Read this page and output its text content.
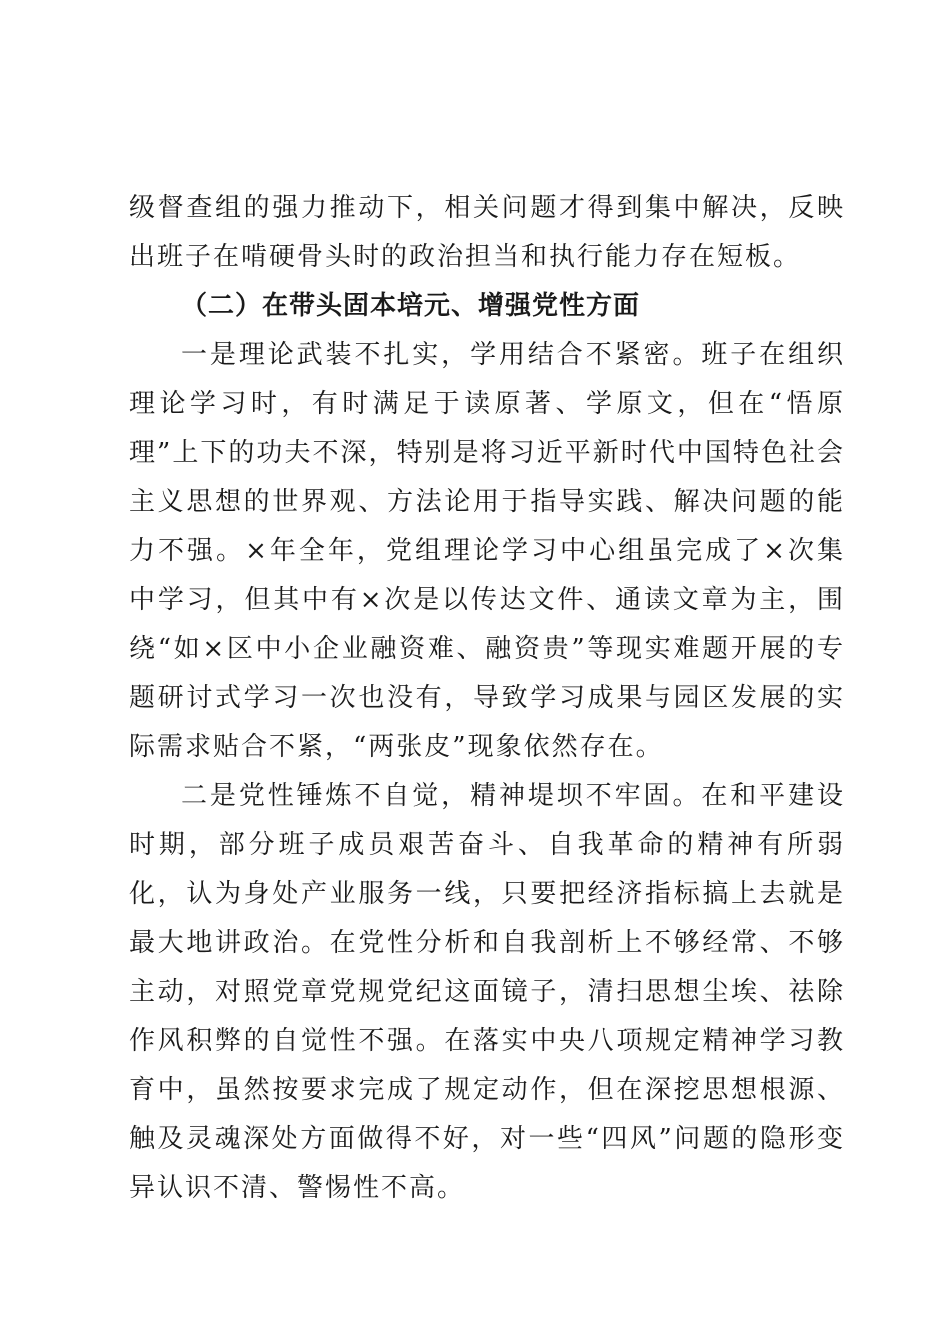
级督查组的强力推动下，相关问题才得到集中解决，反映出班子在啃硬骨头时的政治担当和执行能力存在短板。

（二）在带头固本培元、增强党性方面

一是理论武装不扎实，学用结合不紧密。班子在组织理论学习时，有时满足于读原著、学原文，但在“悟原理”上下的功夫不深，特别是将习近平新时代中国特色社会主义思想的世界观、方法论用于指导实践、解决问题的能力不强。×年全年，党组理论学习中心组虽完成了×次集中学习，但其中有×次是以传达文件、通读文章为主，围绕“如×区中小企业融资难、融资贵”等现实难题开展的专题研讨式学习一次也没有，导致学习成果与园区发展的实际需求贴合不紧，“两张皮”现象依然存在。

二是党性锤炼不自觉，精神堤坝不牢固。在和平建设时期，部分班子成员艰苦奋斗、自我革命的精神有所弱化，认为身处产业服务一线，只要把经济指标搞上去就是最大地讲政治。在党性分析和自我剖析上不够经常、不够主动，对照党章党规党纪这面镜子，清扫思想尘埃、祛除作风积弊的自觉性不强。在落实中央八项规定精神学习教育中，虽然按要求完成了规定动作，但在深挖思想根源、触及灵魂深处方面做得不好，对一些“四风”问题的隐形变异认识不清、警惕性不高。
